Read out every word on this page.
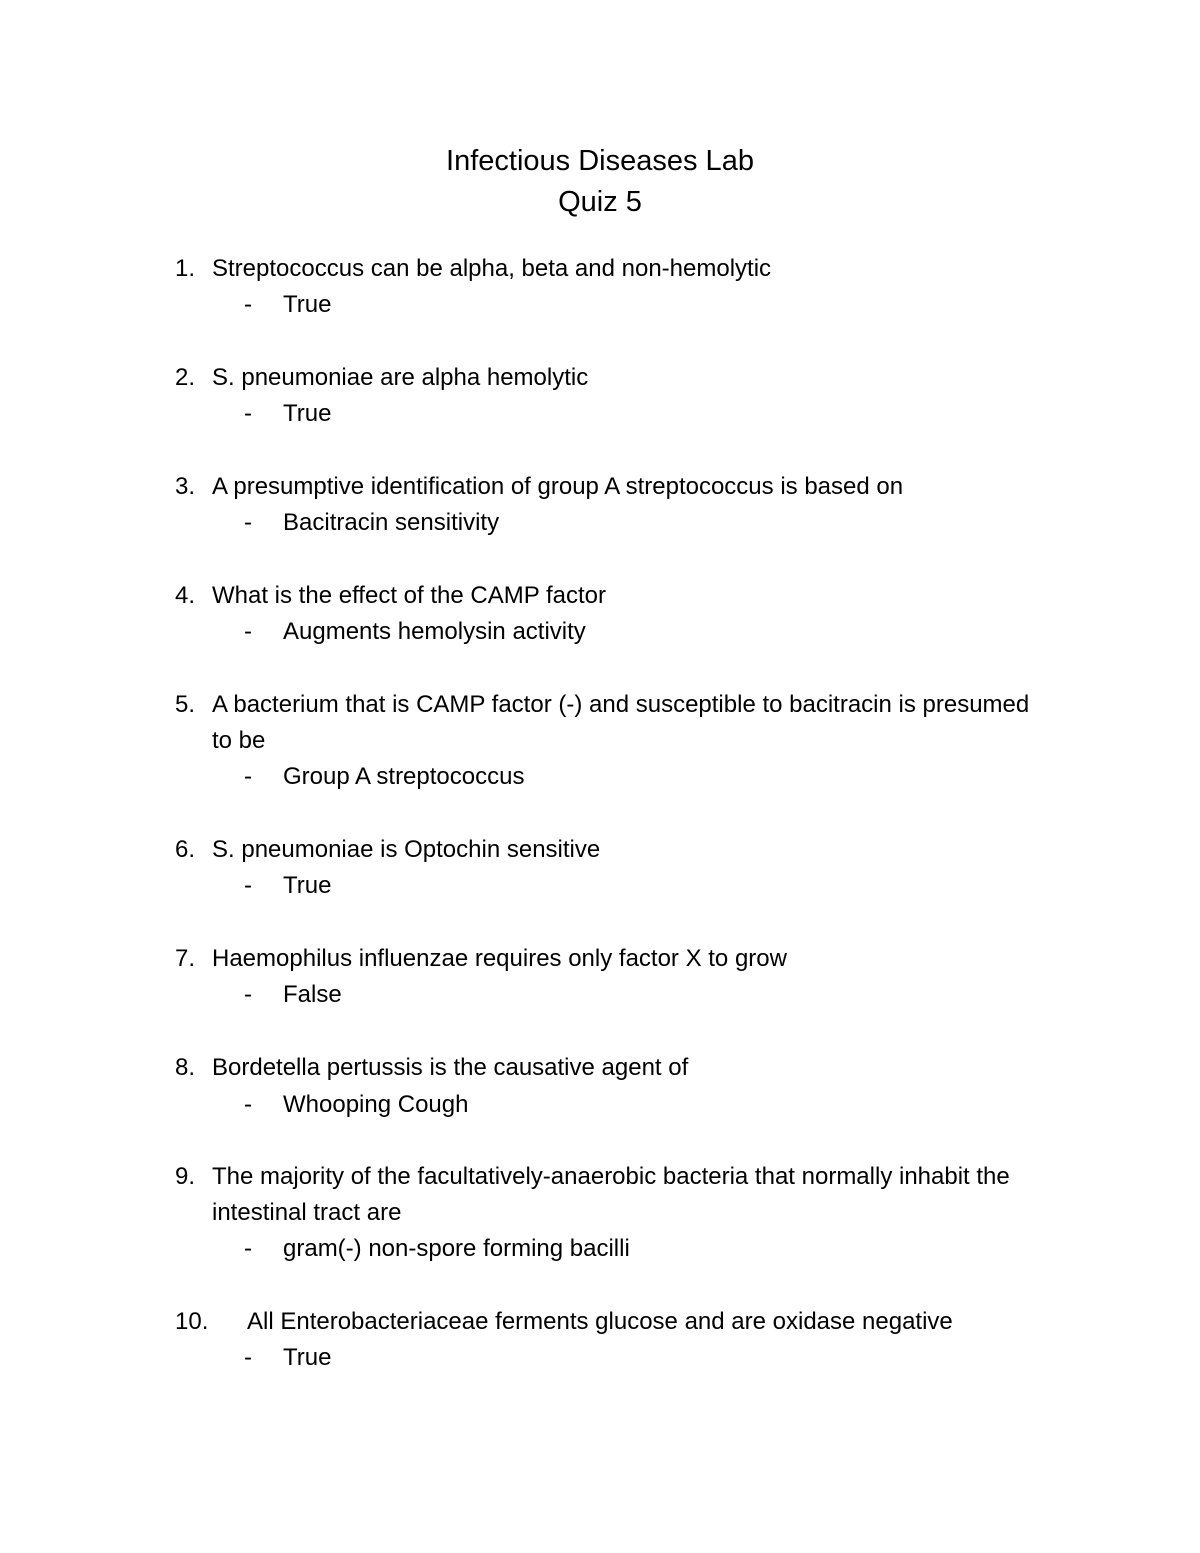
Infectious Diseases Lab
Quiz 5
1. Streptococcus can be alpha, beta and non-hemolytic
- True
2. S. pneumoniae are alpha hemolytic
- True
3. A presumptive identification of group A streptococcus is based on
- Bacitracin sensitivity
4. What is the effect of the CAMP factor
- Augments hemolysin activity
5. A bacterium that is CAMP factor (-) and susceptible to bacitracin is presumed to be
- Group A streptococcus
6. S. pneumoniae is Optochin sensitive
- True
7. Haemophilus influenzae requires only factor X to grow
- False
8. Bordetella pertussis is the causative agent of
- Whooping Cough
9. The majority of the facultatively-anaerobic bacteria that normally inhabit the intestinal tract are
- gram(-) non-spore forming bacilli
10. All Enterobacteriaceae ferments glucose and are oxidase negative
- True
